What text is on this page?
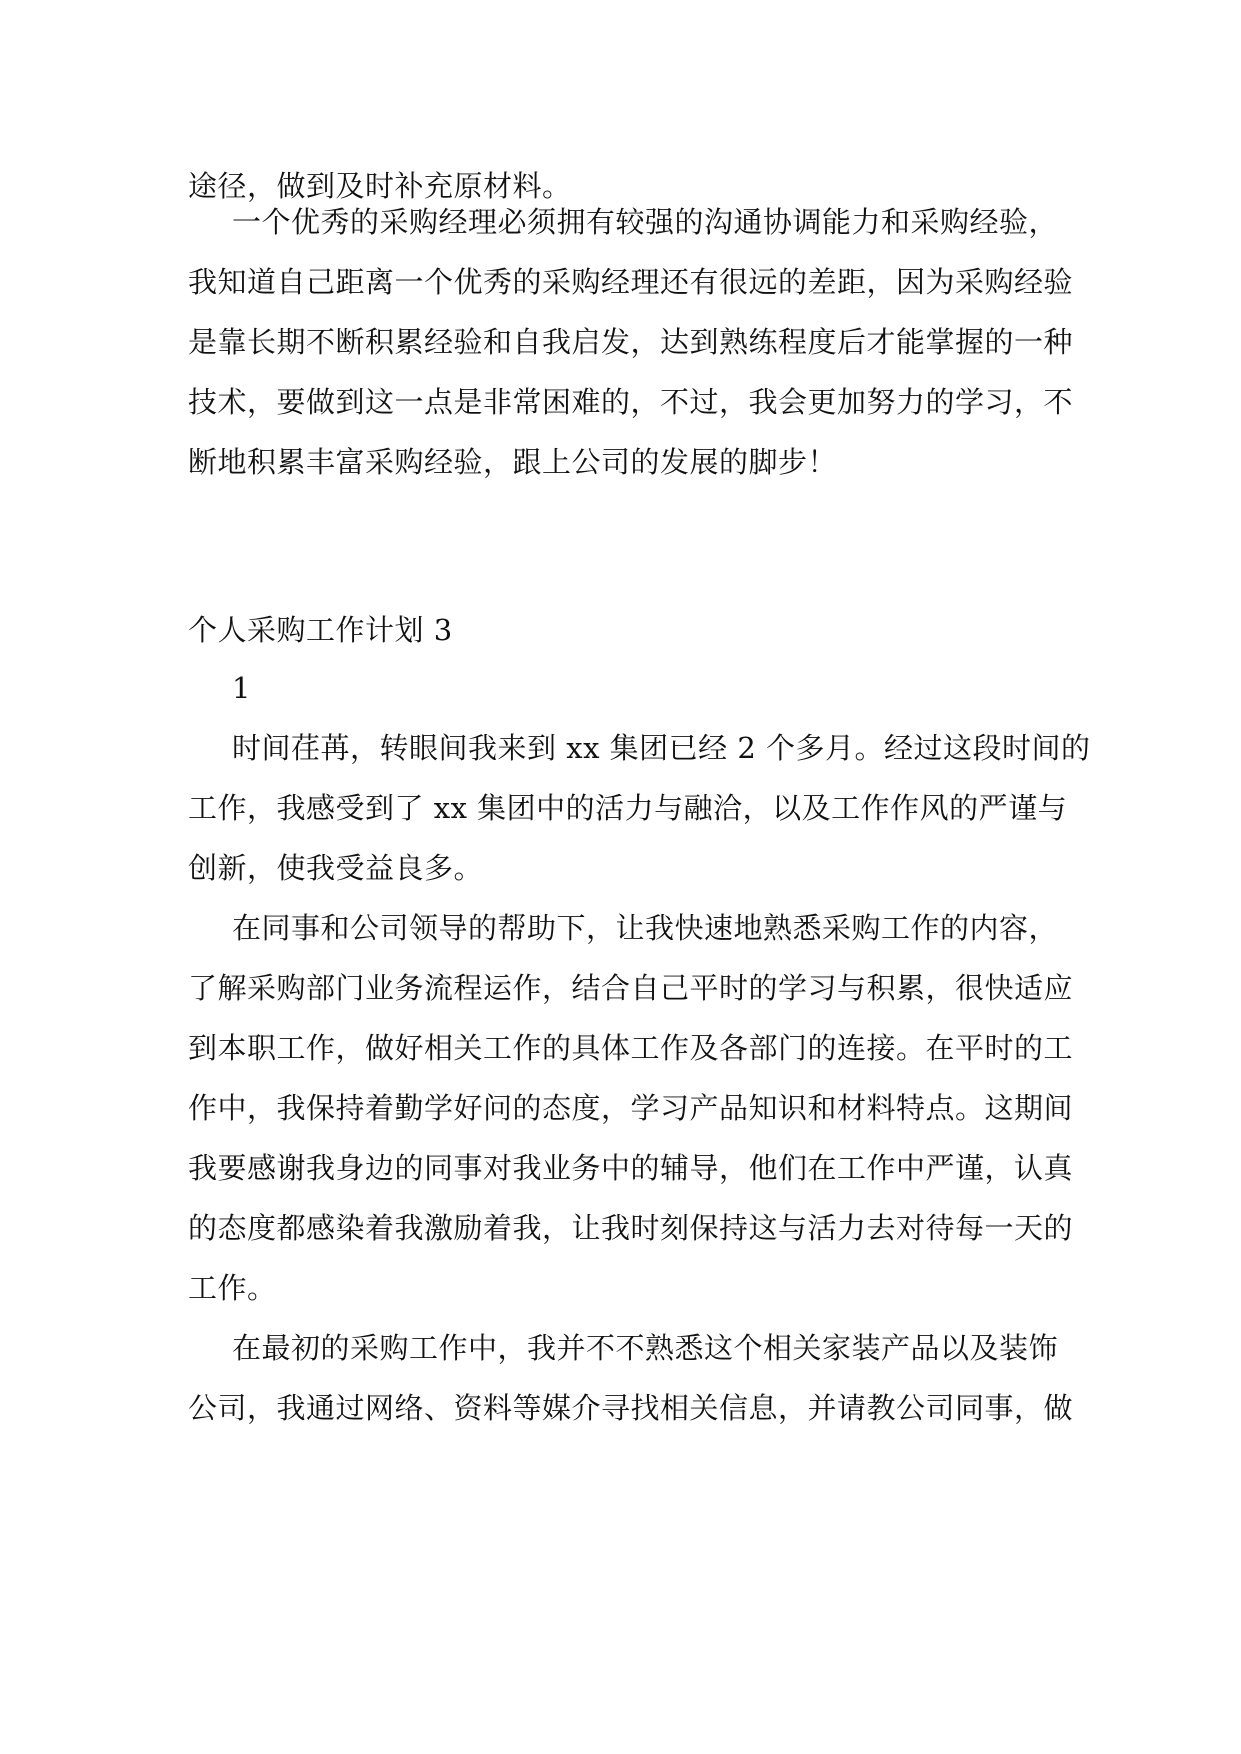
途径，做到及时补充原材料。

一个优秀的采购经理必须拥有较强的沟通协调能力和采购经验，

我知道自己距离一个优秀的采购经理还有很远的差距，因为采购经验

是靠长期不断积累经验和自我启发，达到熟练程度后才能掌握的一种

技术，要做到这一点是非常困难的，不过，我会更加努力的学习，不

断地积累丰富采购经验，跟上公司的发展的脚步！

个人采购工作计划 3

1

时间荏苒，转眼间我来到 xx 集团已经 2 个多月。经过这段时间的

工作，我感受到了 xx 集团中的活力与融洽，以及工作作风的严谨与

创新，使我受益良多。

在同事和公司领导的帮助下，让我快速地熟悉采购工作的内容，

了解采购部门业务流程运作，结合自己平时的学习与积累，很快适应

到本职工作，做好相关工作的具体工作及各部门的连接。在平时的工

作中，我保持着勤学好问的态度，学习产品知识和材料特点。这期间

我要感谢我身边的同事对我业务中的辅导，他们在工作中严谨，认真

的态度都感染着我激励着我，让我时刻保持这与活力去对待每一天的

工作。

在最初的采购工作中，我并不不熟悉这个相关家装产品以及装饰

公司，我通过网络、资料等媒介寻找相关信息，并请教公司同事，做
